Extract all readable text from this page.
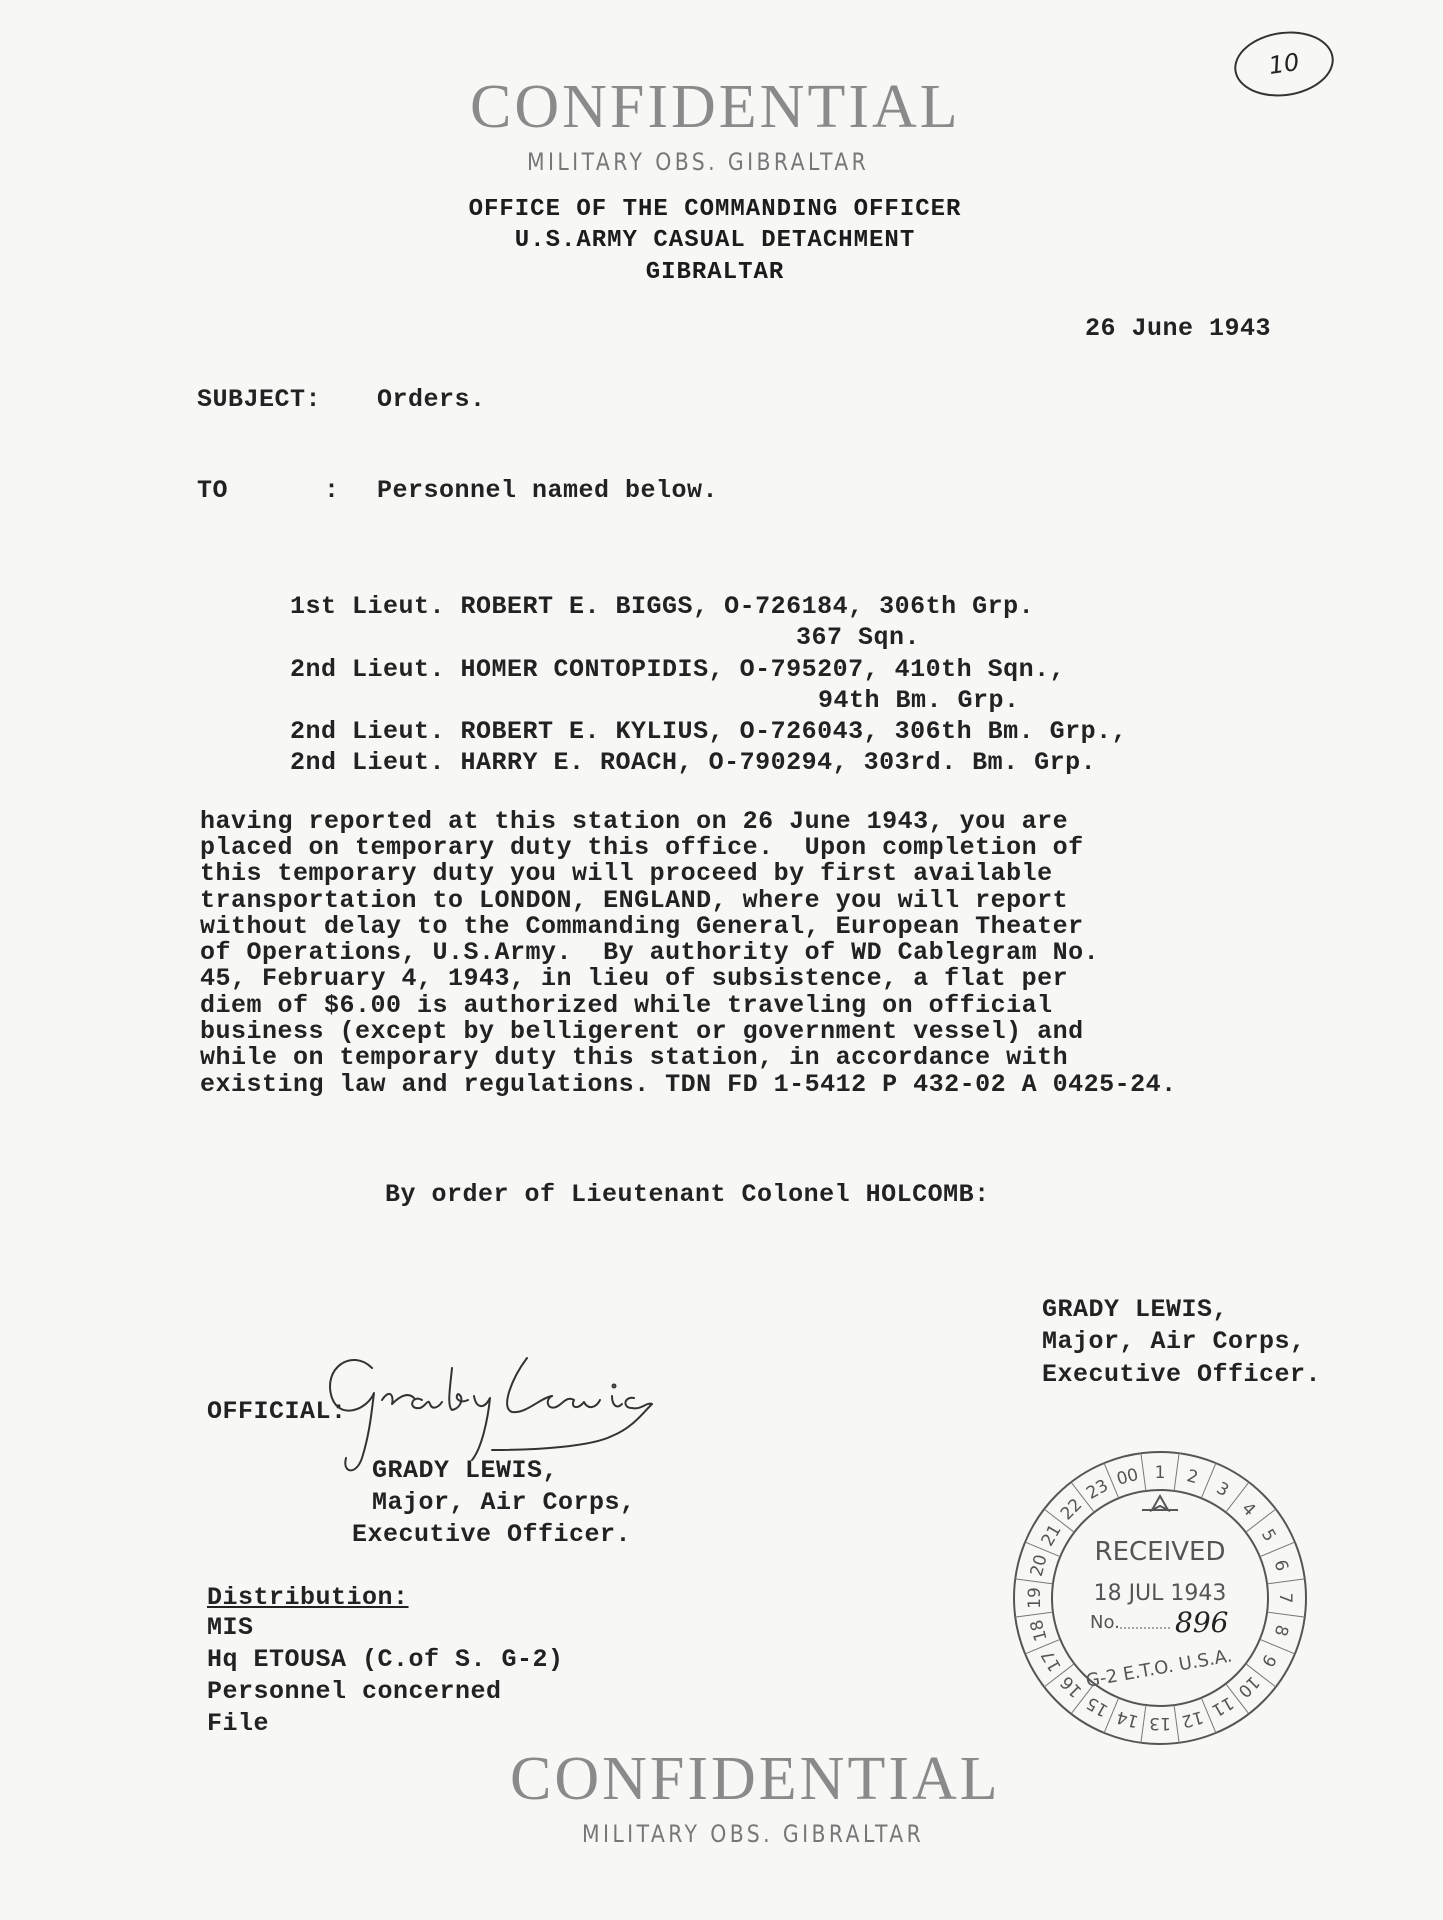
10
CONFIDENTIAL
MILITARY OBS. GIBRALTAR
OFFICE OF THE COMMANDING OFFICER
U.S.ARMY CASUAL DETACHMENT
GIBRALTAR
26 June 1943
SUBJECT: Orders.
TO	: Personnel named below.
1st Lieut. ROBERT E. BIGGS, O-726184, 306th Grp.
367 Sqn.
2nd Lieut. HOMER CONTOPIDIS, O-795207, 410th Sqn.,
94th Bm. Grp.
2nd Lieut. ROBERT E. KYLIUS, O-726043, 306th Bm. Grp.,
2nd Lieut. HARRY E. ROACH, O-790294, 303rd. Bm. Grp.
having reported at this station on 26 June 1943, you are
placed on temporary duty this office.  Upon completion of
this temporary duty you will proceed by first available
transportation to LONDON, ENGLAND, where you will report
without delay to the Commanding General, European Theater
of Operations, U.S.Army.  By authority of WD Cablegram No.
45, February 4, 1943, in lieu of subsistence, a flat per
diem of $6.00 is authorized while traveling on official
business (except by belligerent or government vessel) and
while on temporary duty this station, in accordance with
existing law and regulations. TDN FD 1-5412 P 432-02 A 0425-24.
By order of Lieutenant Colonel HOLCOMB:
GRADY LEWIS,
Major, Air Corps,
Executive Officer.
OFFICIAL:
GRADY LEWIS,
Major, Air Corps,
Executive Officer.
Distribution:
MIS
Hq ETOUSA (C.of S. G-2)
Personnel concerned
File
1 2
3
4
5
6
7
8
9
10
11
12
13
14
15
16
17
18
19
20
21
22
23 00
RECEIVED
18 JUL 1943
No. 896
G-2 E.T.O. U.S.A.
CONFIDENTIAL
MILITARY OBS. GIBRALTAR
